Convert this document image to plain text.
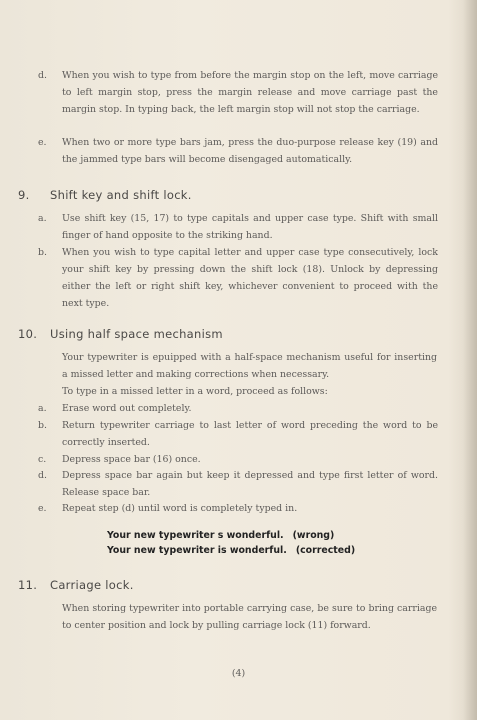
d. When you wish to type from before the margin stop on the left, move carriage to left margin stop, press the margin release and move carriage past the margin stop. In typing back, the left margin stop will not stop the carriage.
e. When two or more type bars jam, press the duo-purpose release key (19) and the jammed type bars will become disengaged automatically.
9. Shift key and shift lock.
a. Use shift key (15, 17) to type capitals and upper case type. Shift with small finger of hand opposite to the striking hand.
b. When you wish to type capital letter and upper case type consecutively, lock your shift key by pressing down the shift lock (18). Unlock by depressing either the left or right shift key, whichever convenient to proceed with the next type.
10. Using half space mechanism
Your typewriter is epuipped with a half-space mechanism useful for inserting a missed letter and making corrections when necessary.
To type in a missed letter in a word, proceed as follows:
a. Erase word out completely.
b. Return typewriter carriage to last letter of word preceding the word to be correctly inserted.
c. Depress space bar (16) once.
d. Depress space bar again but keep it depressed and type first letter of word. Release space bar.
e. Repeat step (d) until word is completely typed in.
Your new typewriter s wonderful. (wrong)
Your new typewriter is wonderful. (corrected)
11. Carriage lock.
When storing typewriter into portable carrying case, be sure to bring carriage to center position and lock by pulling carriage lock (11) forward.
(4)
